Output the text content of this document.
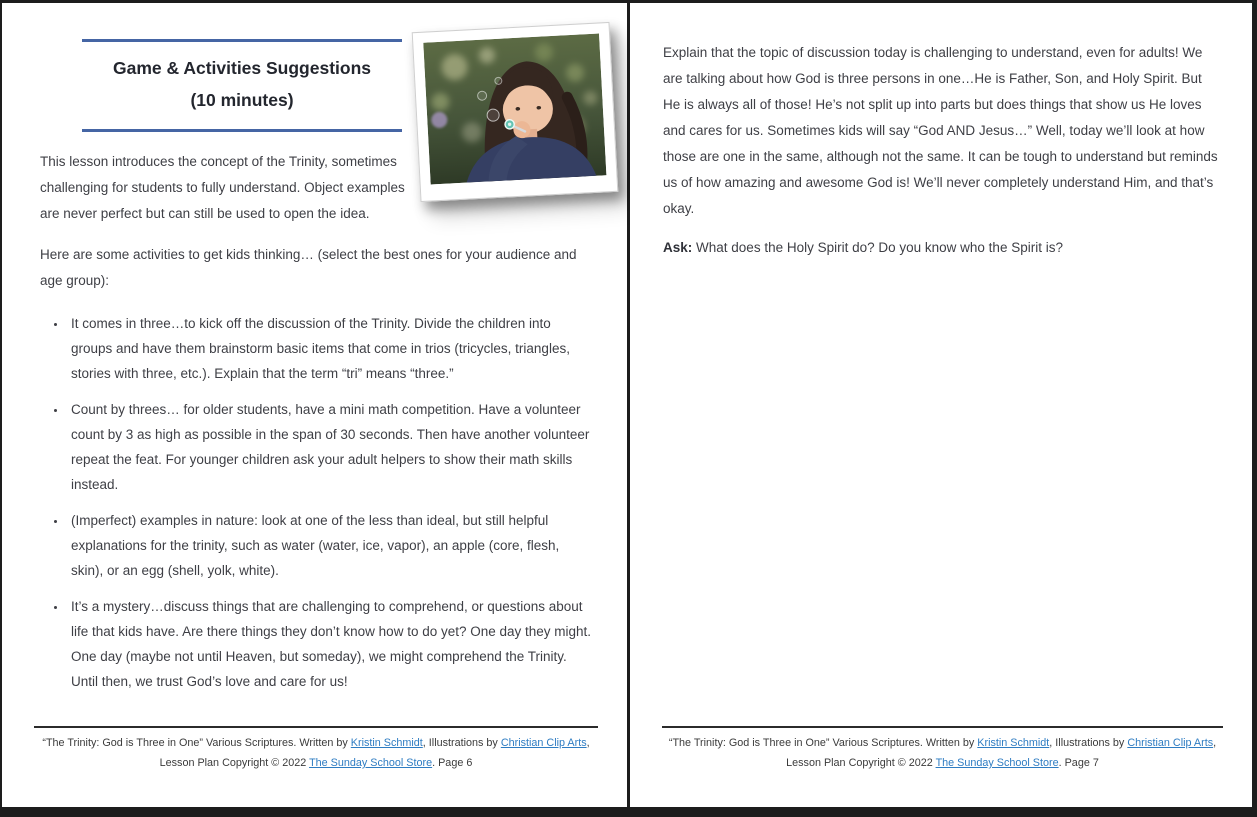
Game & Activities Suggestions
(10 minutes)

This lesson introduces the concept of the Trinity, sometimes challenging for students to fully understand. Object examples are never perfect but can still be used to open the idea.

Here are some activities to get kids thinking… (select the best ones for your audience and age group):

• It comes in three…to kick off the discussion of the Trinity. Divide the children into groups and have them brainstorm basic items that come in trios (tricycles, triangles, stories with three, etc.). Explain that the term “tri” means “three.”
• Count by threes… for older students, have a mini math competition. Have a volunteer count by 3 as high as possible in the span of 30 seconds. Then have another volunteer repeat the feat. For younger children ask your adult helpers to show their math skills instead.
• (Imperfect) examples in nature: look at one of the less than ideal, but still helpful explanations for the trinity, such as water (water, ice, vapor), an apple (core, flesh, skin), or an egg (shell, yolk, white).
• It’s a mystery…discuss things that are challenging to comprehend, or questions about life that kids have. Are there things they don’t know how to do yet? One day they might. One day (maybe not until Heaven, but someday), we might comprehend the Trinity. Until then, we trust God’s love and care for us!
“The Trinity: God is Three in One” Various Scriptures. Written by Kristin Schmidt, Illustrations by Christian Clip Arts, Lesson Plan Copyright © 2022 The Sunday School Store. Page 6

Explain that the topic of discussion today is challenging to understand, even for adults! We are talking about how God is three persons in one…He is Father, Son, and Holy Spirit. But He is always all of those! He’s not split up into parts but does things that show us He loves and cares for us. Sometimes kids will say “God AND Jesus…” Well, today we’ll look at how those are one in the same, although not the same. It can be tough to understand but reminds us of how amazing and awesome God is! We’ll never completely understand Him, and that’s okay.

Ask: What does the Holy Spirit do? Do you know who the Spirit is?

“The Trinity: God is Three in One” Various Scriptures. Written by Kristin Schmidt, Illustrations by Christian Clip Arts, Lesson Plan Copyright © 2022 The Sunday School Store. Page 7
